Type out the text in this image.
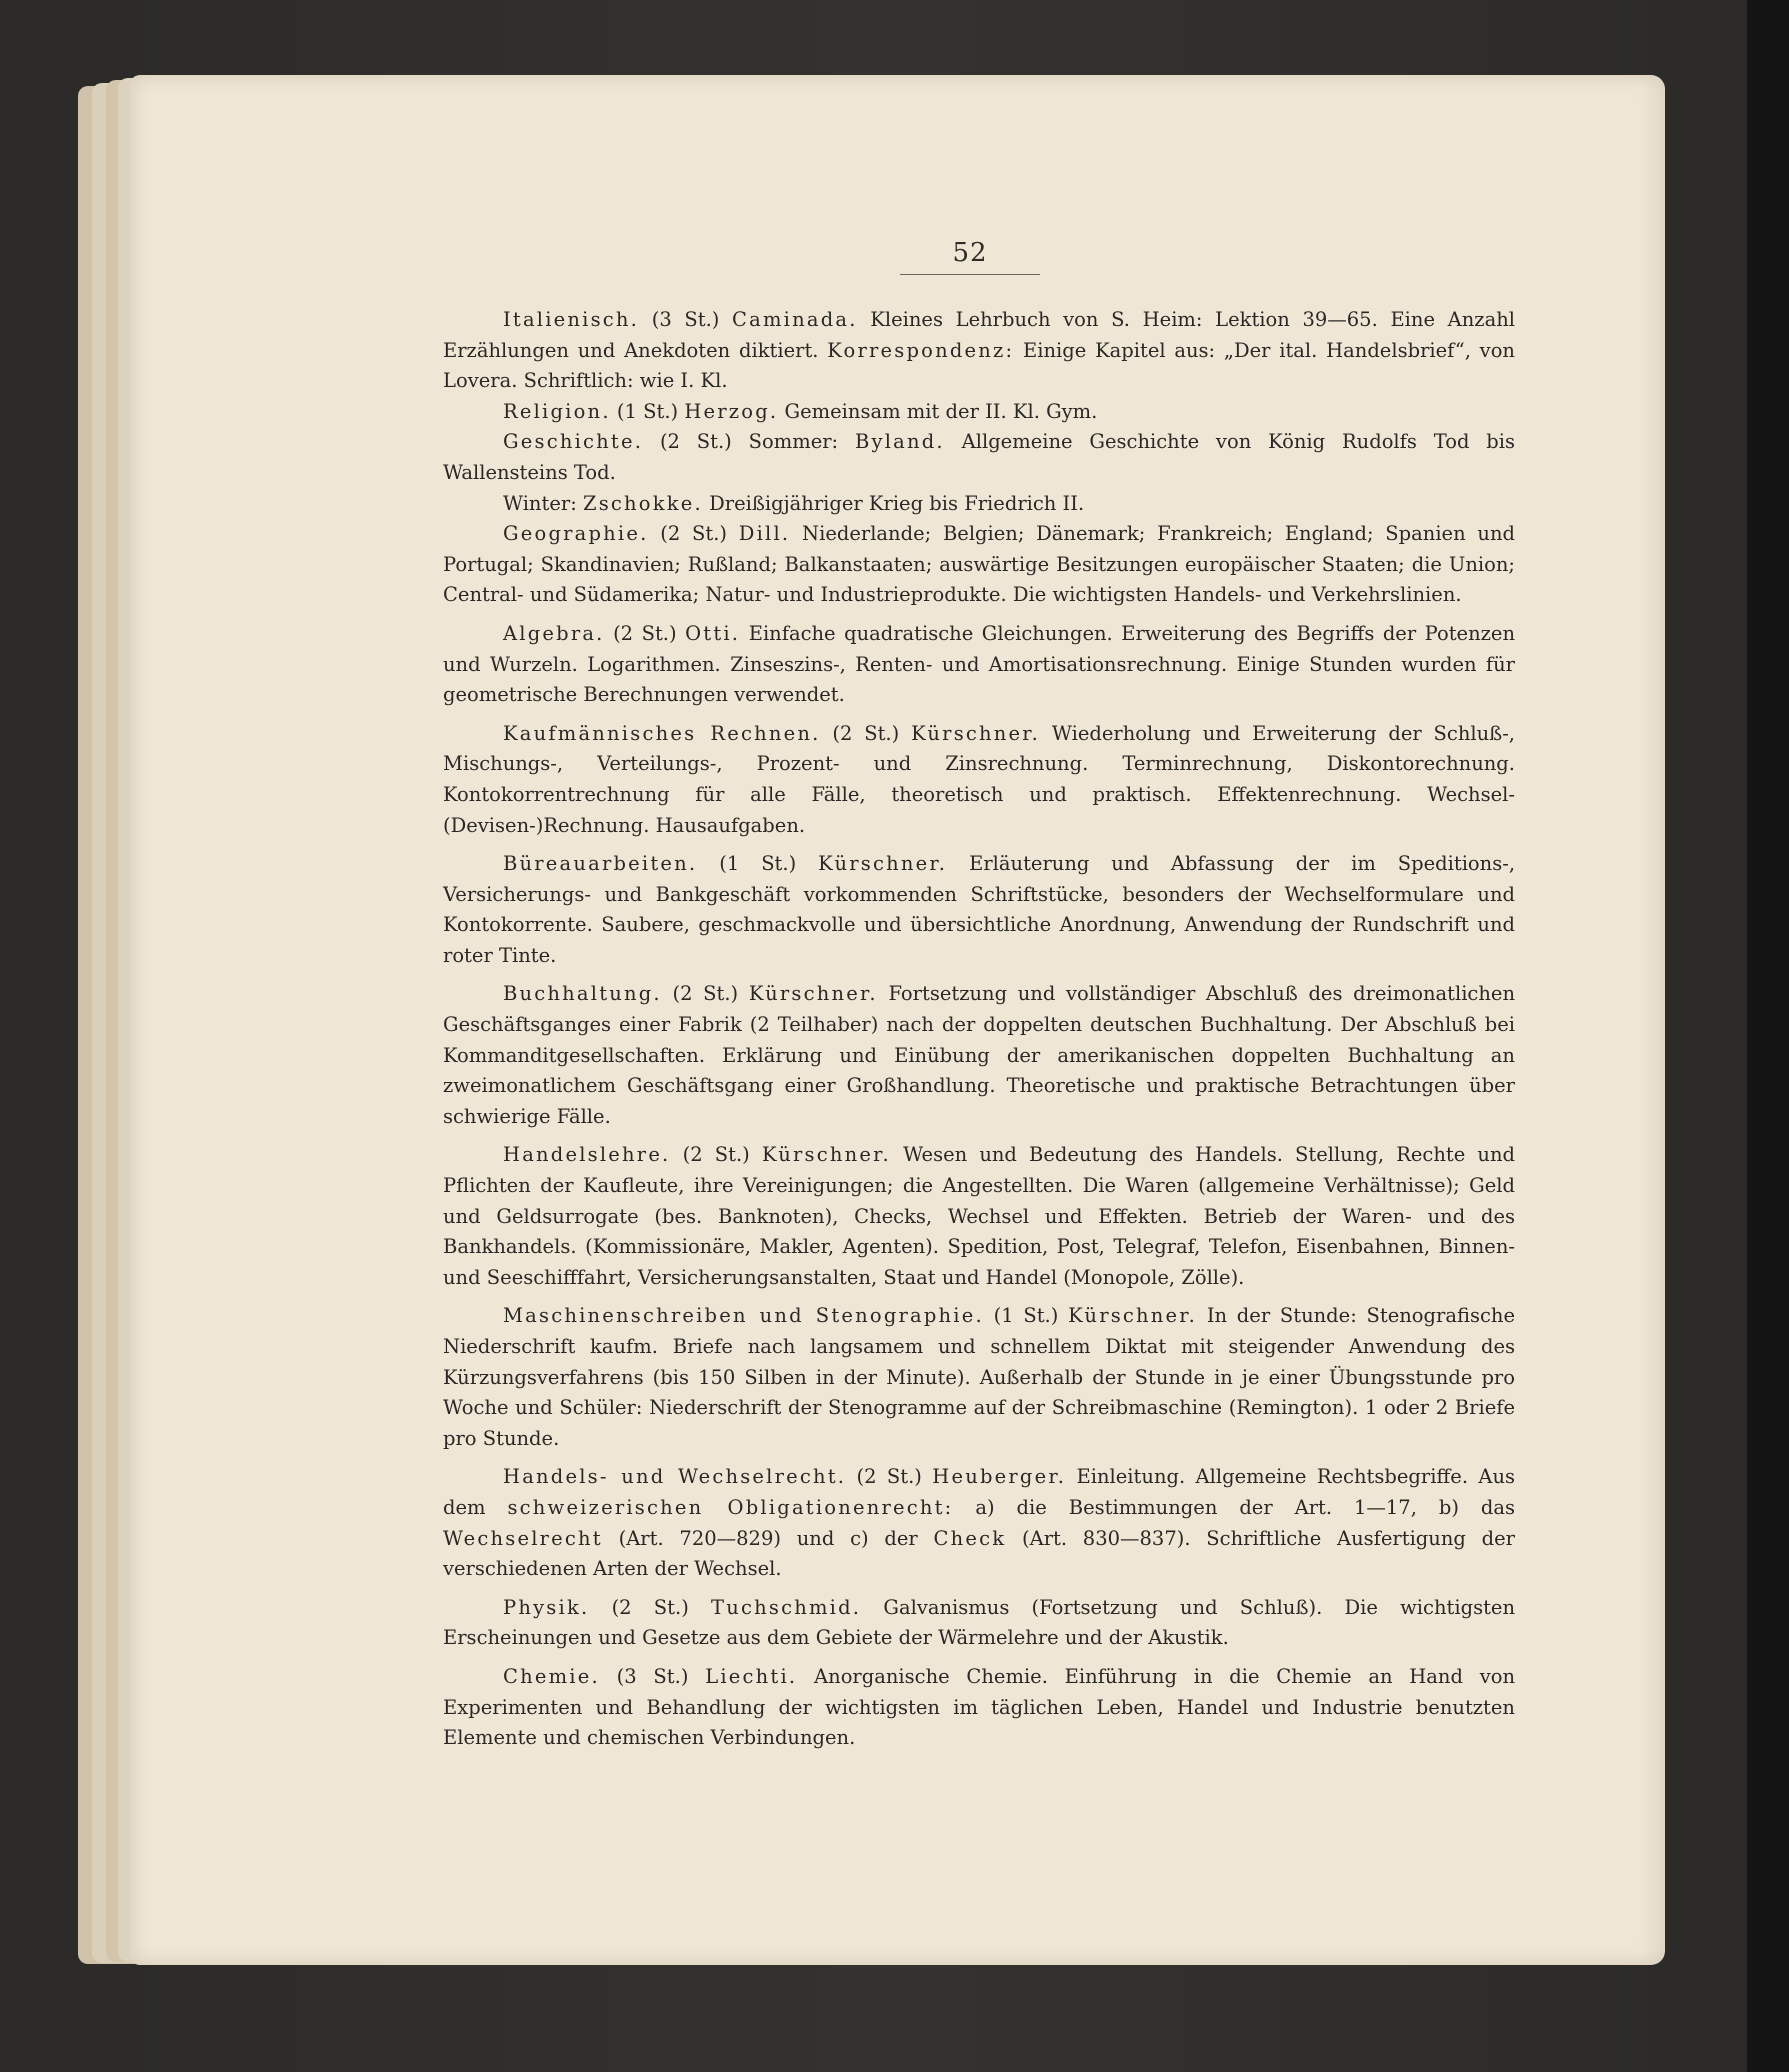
52

Italienisch. (3 St.) Caminada. Kleines Lehrbuch von S. Heim: Lektion 39—65. Eine Anzahl Erzählungen und Anekdoten diktiert. Korrespondenz: Einige Kapitel aus: „Der ital. Handelsbrief“, von Lovera. Schriftlich: wie I. Kl.

Religion. (1 St.) Herzog. Gemeinsam mit der II. Kl. Gym.

Geschichte. (2 St.) Sommer: Byland. Allgemeine Geschichte von König Rudolfs Tod bis Wallensteins Tod.

Winter: Zschokke. Dreißigjähriger Krieg bis Friedrich II.

Geographie. (2 St.) Dill. Niederlande; Belgien; Dänemark; Frankreich; England; Spanien und Portugal; Skandinavien; Rußland; Balkanstaaten; auswärtige Besitzungen europäischer Staaten; die Union; Central- und Südamerika; Natur- und Industrieprodukte. Die wichtigsten Handels- und Verkehrslinien.

Algebra. (2 St.) Otti. Einfache quadratische Gleichungen. Erweiterung des Begriffs der Potenzen und Wurzeln. Logarithmen. Zinseszins-, Renten- und Amortisationsrechnung. Einige Stunden wurden für geometrische Berechnungen verwendet.

Kaufmännisches Rechnen. (2 St.) Kürschner. Wiederholung und Erweiterung der Schluß-, Mischungs-, Verteilungs-, Prozent- und Zinsrechnung. Terminrechnung, Diskontorechnung. Kontokorrentrechnung für alle Fälle, theoretisch und praktisch. Effektenrechnung. Wechsel-(Devisen-)Rechnung. Hausaufgaben.

Büreauarbeiten. (1 St.) Kürschner. Erläuterung und Abfassung der im Speditions-, Versicherungs- und Bankgeschäft vorkommenden Schriftstücke, besonders der Wechselformulare und Kontokorrente. Saubere, geschmackvolle und übersichtliche Anordnung, Anwendung der Rundschrift und roter Tinte.

Buchhaltung. (2 St.) Kürschner. Fortsetzung und vollständiger Abschluß des dreimonatlichen Geschäftsganges einer Fabrik (2 Teilhaber) nach der doppelten deutschen Buchhaltung. Der Abschluß bei Kommanditgesellschaften. Erklärung und Einübung der amerikanischen doppelten Buchhaltung an zweimonatlichem Geschäftsgang einer Großhandlung. Theoretische und praktische Betrachtungen über schwierige Fälle.

Handelslehre. (2 St.) Kürschner. Wesen und Bedeutung des Handels. Stellung, Rechte und Pflichten der Kaufleute, ihre Vereinigungen; die Angestellten. Die Waren (allgemeine Verhältnisse); Geld und Geldsurrogate (bes. Banknoten), Checks, Wechsel und Effekten. Betrieb der Waren- und des Bankhandels. (Kommissionäre, Makler, Agenten). Spedition, Post, Telegraf, Telefon, Eisenbahnen, Binnen- und Seeschifffahrt, Versicherungsanstalten, Staat und Handel (Monopole, Zölle).

Maschinenschreiben und Stenographie. (1 St.) Kürschner. In der Stunde: Stenografische Niederschrift kaufm. Briefe nach langsamem und schnellem Diktat mit steigender Anwendung des Kürzungsverfahrens (bis 150 Silben in der Minute). Außerhalb der Stunde in je einer Übungsstunde pro Woche und Schüler: Niederschrift der Stenogramme auf der Schreibmaschine (Remington). 1 oder 2 Briefe pro Stunde.

Handels- und Wechselrecht. (2 St.) Heuberger. Einleitung. Allgemeine Rechtsbegriffe. Aus dem schweizerischen Obligationenrecht: a) die Bestimmungen der Art. 1—17, b) das Wechselrecht (Art. 720—829) und c) der Check (Art. 830—837). Schriftliche Ausfertigung der verschiedenen Arten der Wechsel.

Physik. (2 St.) Tuchschmid. Galvanismus (Fortsetzung und Schluß). Die wichtigsten Erscheinungen und Gesetze aus dem Gebiete der Wärmelehre und der Akustik.

Chemie. (3 St.) Liechti. Anorganische Chemie. Einführung in die Chemie an Hand von Experimenten und Behandlung der wichtigsten im täglichen Leben, Handel und Industrie benutzten Elemente und chemischen Verbindungen.
